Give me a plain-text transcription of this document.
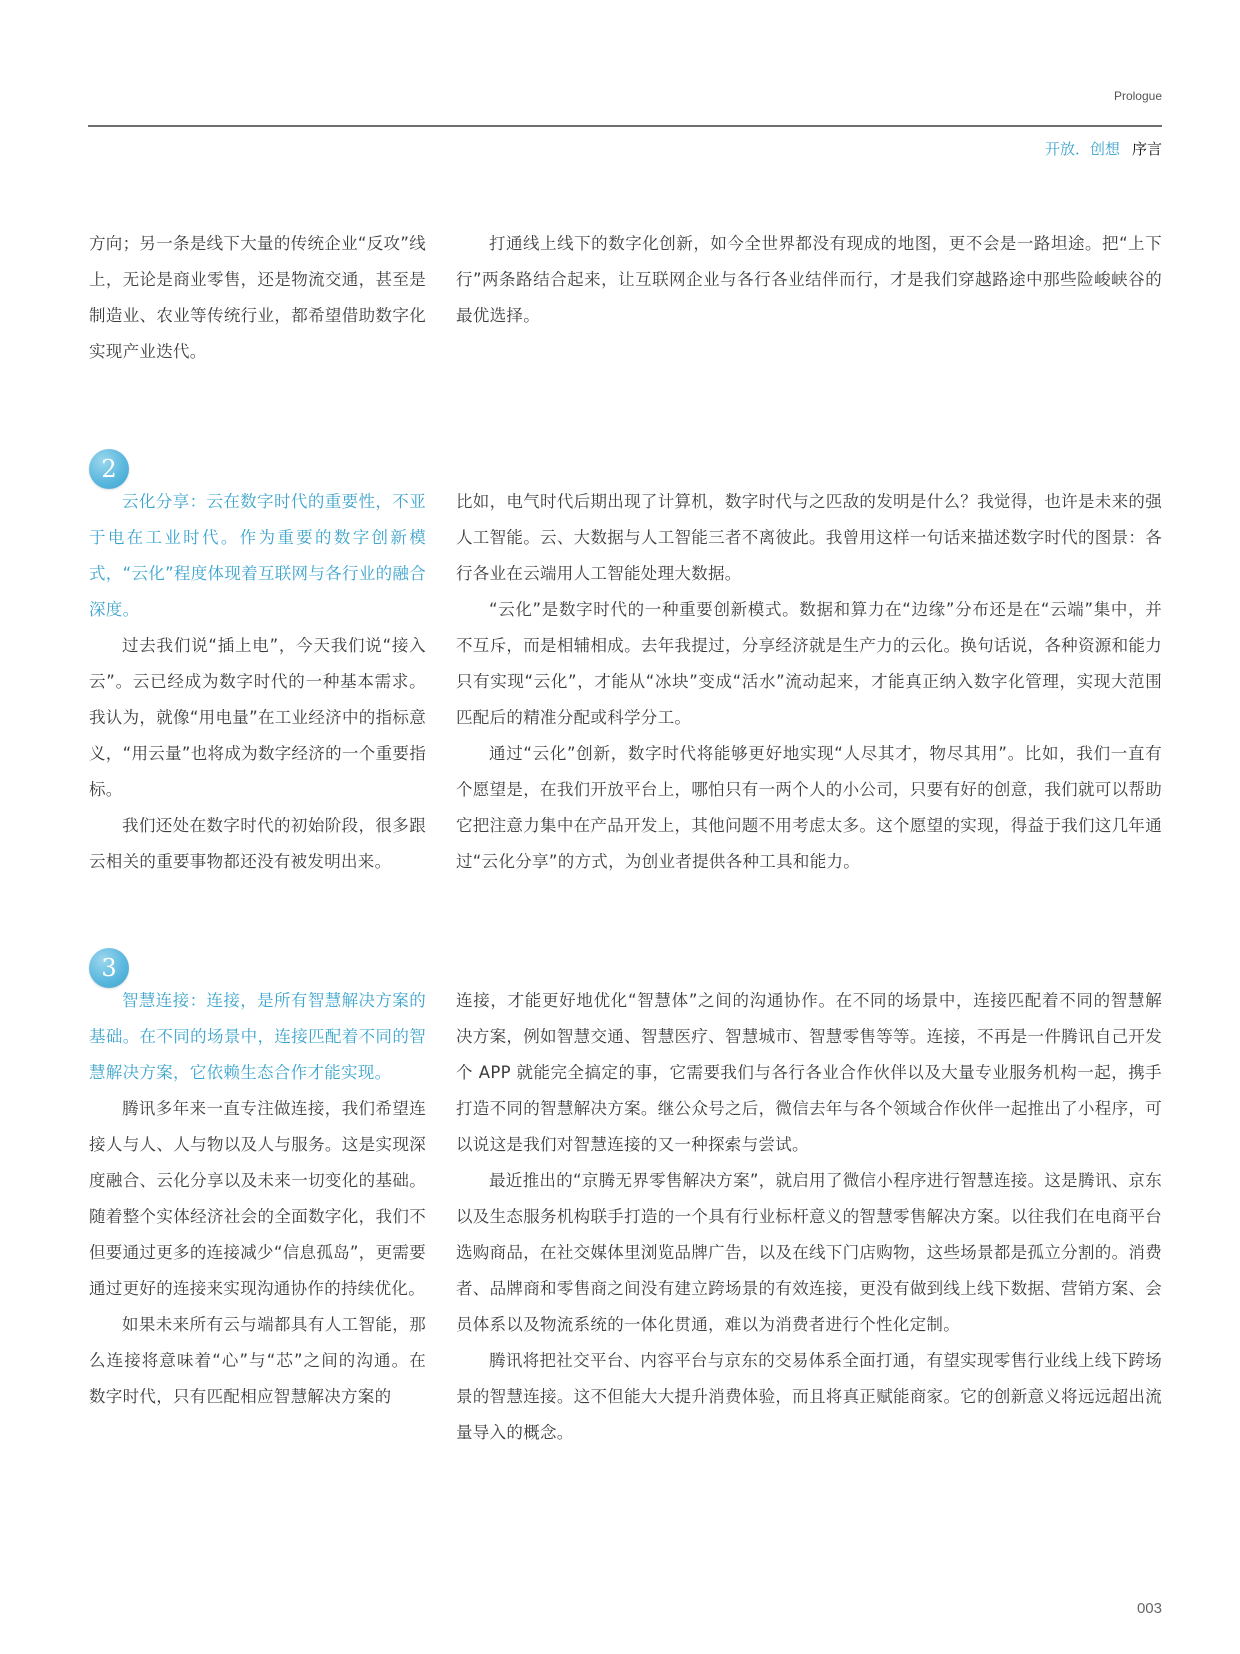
Prologue
开放．创想 序言

方向；另一条是线下大量的传统企业“反攻”线上，无论是商业零售，还是物流交通，甚至是制造业、农业等传统行业，都希望借助数字化实现产业迭代。

打通线上线下的数字化创新，如今全世界都没有现成的地图，更不会是一路坦途。把“上下行”两条路结合起来，让互联网企业与各行各业结伴而行，才是我们穿越路途中那些险峻峡谷的最优选择。

2

云化分享：云在数字时代的重要性，不亚于电在工业时代。作为重要的数字创新模式，“云化”程度体现着互联网与各行业的融合深度。

过去我们说“插上电”，今天我们说“接入云”。云已经成为数字时代的一种基本需求。我认为，就像“用电量”在工业经济中的指标意义，“用云量”也将成为数字经济的一个重要指标。

我们还处在数字时代的初始阶段，很多跟云相关的重要事物都还没有被发明出来。

比如，电气时代后期出现了计算机，数字时代与之匹敌的发明是什么？我觉得，也许是未来的强人工智能。云、大数据与人工智能三者不离彼此。我曾用这样一句话来描述数字时代的图景：各行各业在云端用人工智能处理大数据。

“云化”是数字时代的一种重要创新模式。数据和算力在“边缘”分布还是在“云端”集中，并不互斥，而是相辅相成。去年我提过，分享经济就是生产力的云化。换句话说，各种资源和能力只有实现“云化”，才能从“冰块”变成“活水”流动起来，才能真正纳入数字化管理，实现大范围匹配后的精准分配或科学分工。

通过“云化”创新，数字时代将能够更好地实现“人尽其才，物尽其用”。比如，我们一直有个愿望是，在我们开放平台上，哪怕只有一两个人的小公司，只要有好的创意，我们就可以帮助它把注意力集中在产品开发上，其他问题不用考虑太多。这个愿望的实现，得益于我们这几年通过“云化分享”的方式，为创业者提供各种工具和能力。

3

智慧连接：连接，是所有智慧解决方案的基础。在不同的场景中，连接匹配着不同的智慧解决方案，它依赖生态合作才能实现。

腾讯多年来一直专注做连接，我们希望连接人与人、人与物以及人与服务。这是实现深度融合、云化分享以及未来一切变化的基础。随着整个实体经济社会的全面数字化，我们不但要通过更多的连接减少“信息孤岛”，更需要通过更好的连接来实现沟通协作的持续优化。

如果未来所有云与端都具有人工智能，那么连接将意味着“心”与“芯”之间的沟通。在数字时代，只有匹配相应智慧解决方案的

连接，才能更好地优化“智慧体”之间的沟通协作。在不同的场景中，连接匹配着不同的智慧解决方案，例如智慧交通、智慧医疗、智慧城市、智慧零售等等。连接，不再是一件腾讯自己开发个 APP 就能完全搞定的事，它需要我们与各行各业合作伙伴以及大量专业服务机构一起，携手打造不同的智慧解决方案。继公众号之后，微信去年与各个领域合作伙伴一起推出了小程序，可以说这是我们对智慧连接的又一种探索与尝试。

最近推出的“京腾无界零售解决方案”，就启用了微信小程序进行智慧连接。这是腾讯、京东以及生态服务机构联手打造的一个具有行业标杆意义的智慧零售解决方案。以往我们在电商平台选购商品，在社交媒体里浏览品牌广告，以及在线下门店购物，这些场景都是孤立分割的。消费者、品牌商和零售商之间没有建立跨场景的有效连接，更没有做到线上线下数据、营销方案、会员体系以及物流系统的一体化贯通，难以为消费者进行个性化定制。

腾讯将把社交平台、内容平台与京东的交易体系全面打通，有望实现零售行业线上线下跨场景的智慧连接。这不但能大大提升消费体验，而且将真正赋能商家。它的创新意义将远远超出流量导入的概念。

003
